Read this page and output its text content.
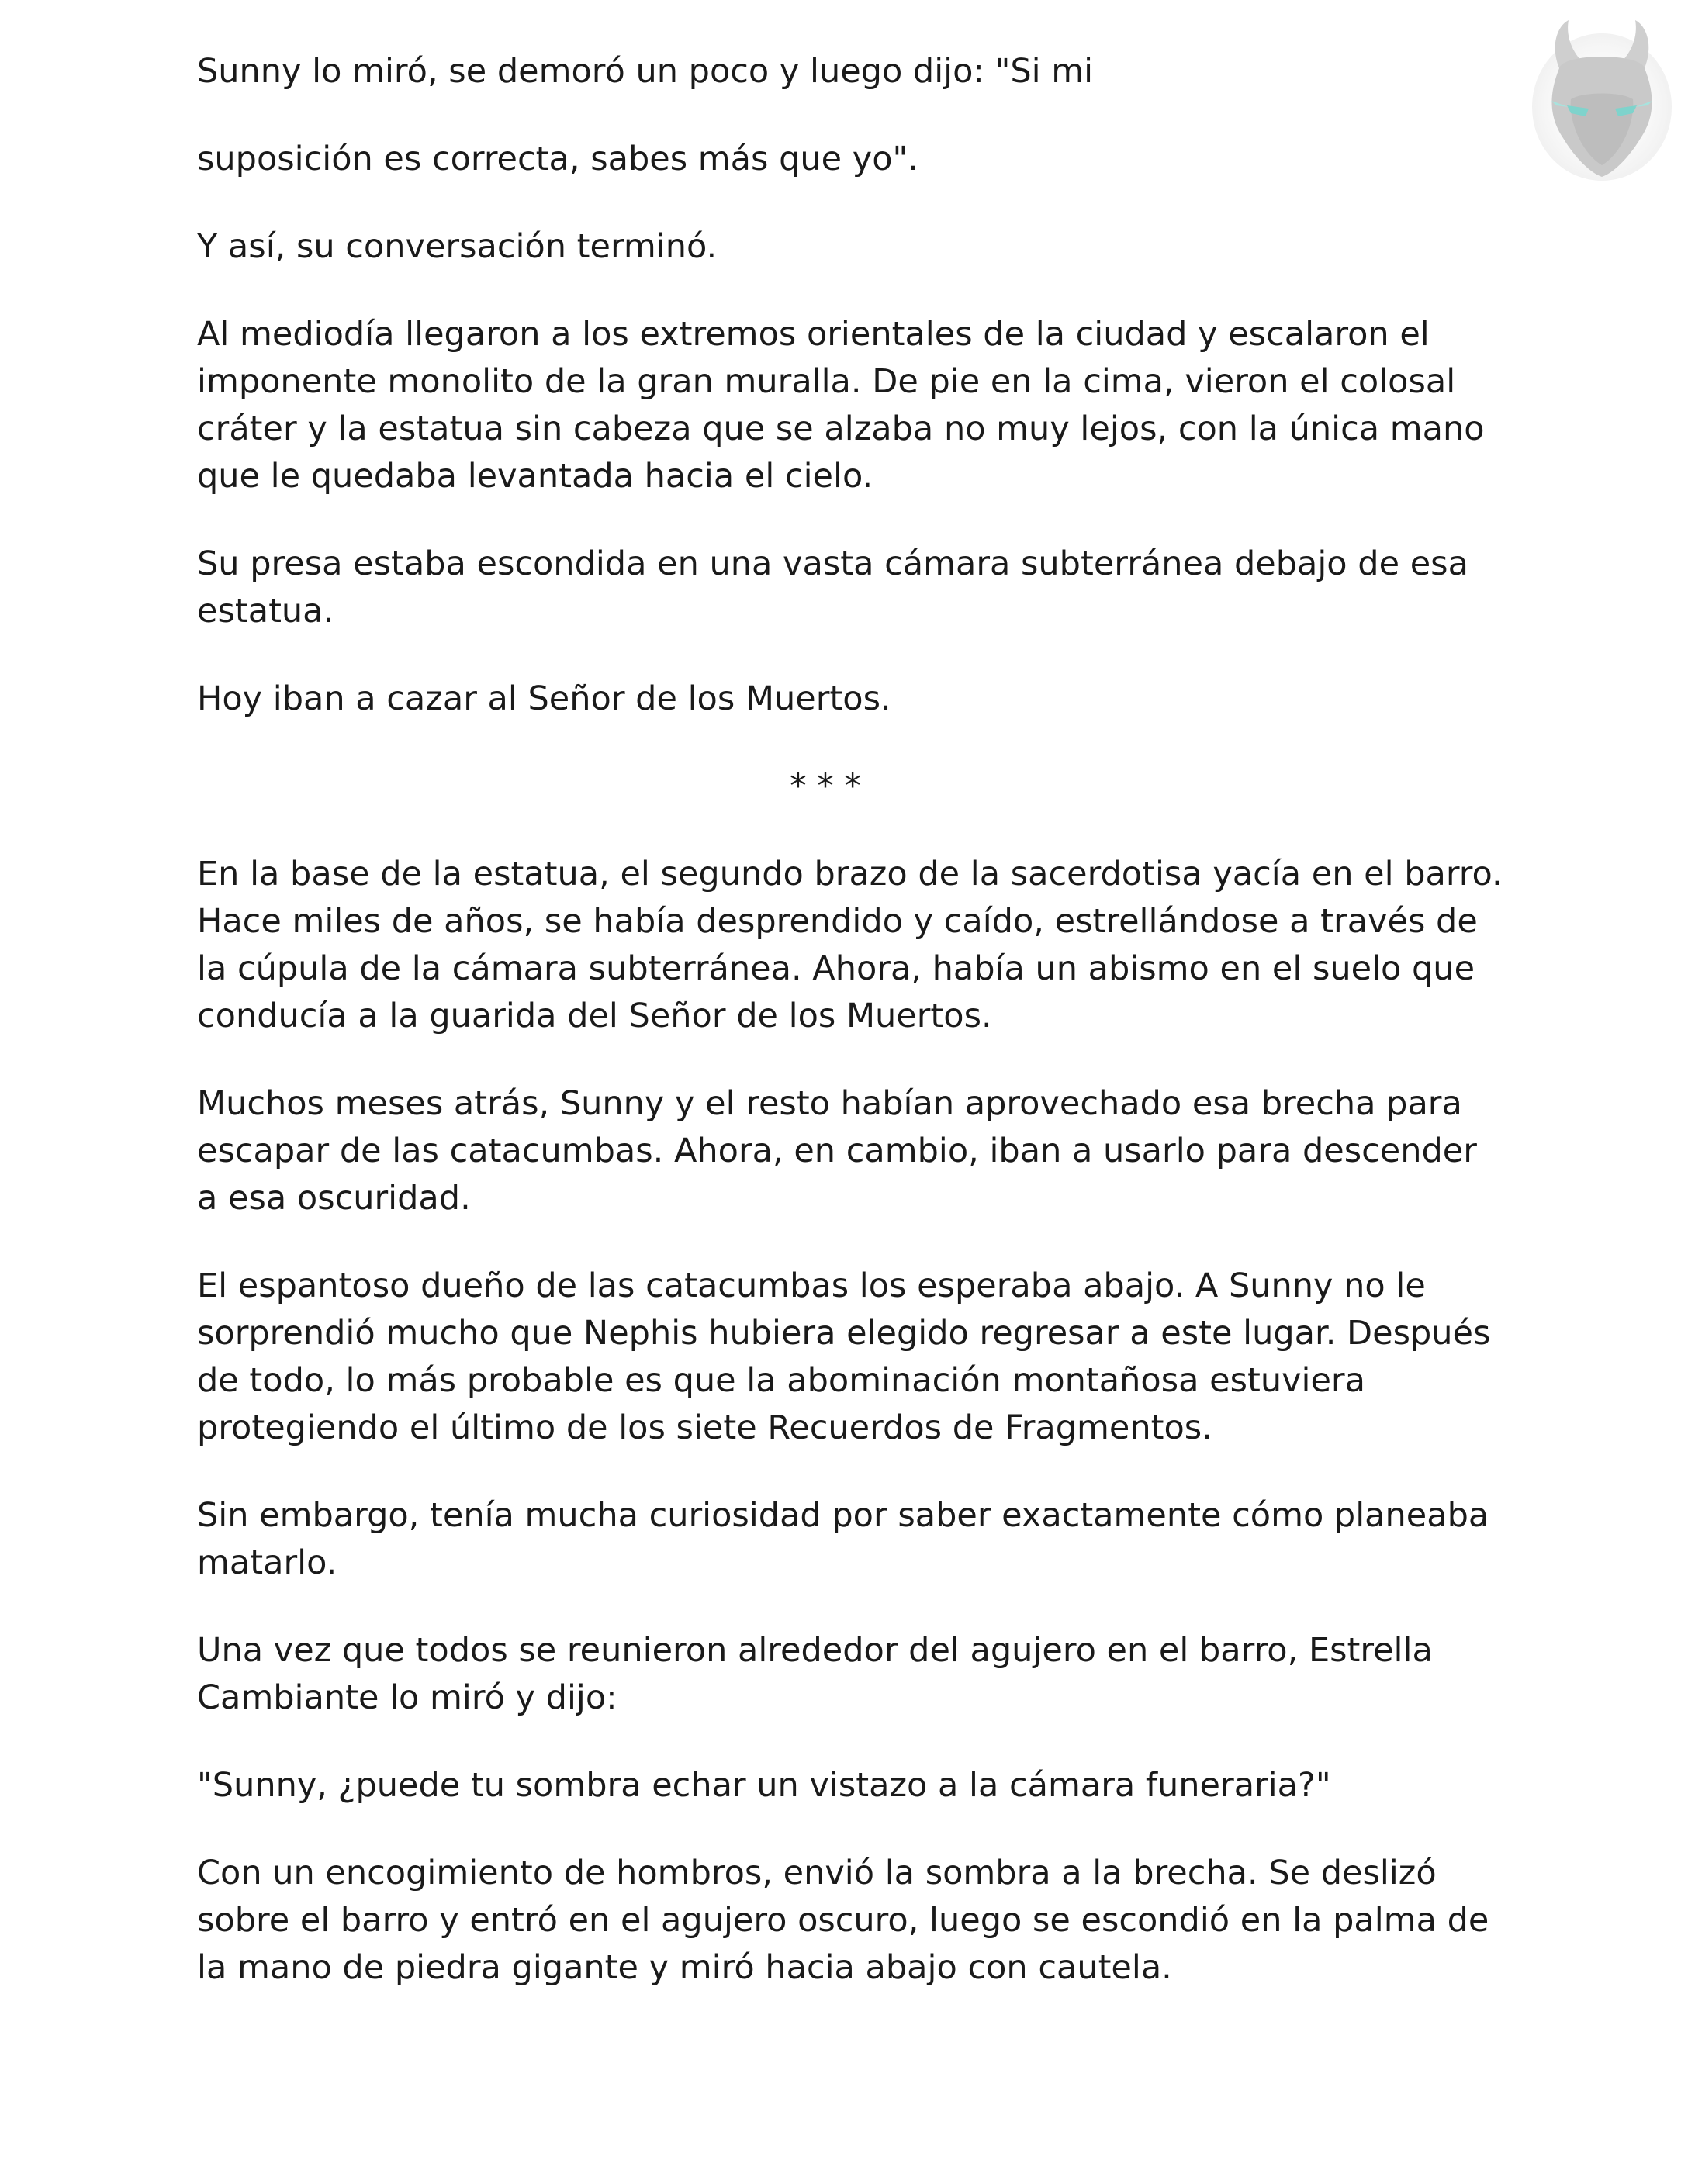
Sunny lo miró, se demoró un poco y luego dijo: "Si mi

suposición es correcta, sabes más que yo".

Y así, su conversación terminó.

Al mediodía llegaron a los extremos orientales de la ciudad y escalaron el

imponente monolito de la gran muralla. De pie en la cima, vieron el colosal

cráter y la estatua sin cabeza que se alzaba no muy lejos, con la única mano

que le quedaba levantada hacia el cielo.

Su presa estaba escondida en una vasta cámara subterránea debajo de esa

estatua.

Hoy iban a cazar al Señor de los Muertos.

* * *

En la base de la estatua, el segundo brazo de la sacerdotisa yacía en el barro.

Hace miles de años, se había desprendido y caído, estrellándose a través de

la cúpula de la cámara subterránea. Ahora, había un abismo en el suelo que

conducía a la guarida del Señor de los Muertos.

Muchos meses atrás, Sunny y el resto habían aprovechado esa brecha para

escapar de las catacumbas. Ahora, en cambio, iban a usarlo para descender

a esa oscuridad.

El espantoso dueño de las catacumbas los esperaba abajo. A Sunny no le

sorprendió mucho que Nephis hubiera elegido regresar a este lugar. Después

de todo, lo más probable es que la abominación montañosa estuviera

protegiendo el último de los siete Recuerdos de Fragmentos.

Sin embargo, tenía mucha curiosidad por saber exactamente cómo planeaba

matarlo.

Una vez que todos se reunieron alrededor del agujero en el barro, Estrella

Cambiante lo miró y dijo:

"Sunny, ¿puede tu sombra echar un vistazo a la cámara funeraria?"

Con un encogimiento de hombros, envió la sombra a la brecha. Se deslizó

sobre el barro y entró en el agujero oscuro, luego se escondió en la palma de

la mano de piedra gigante y miró hacia abajo con cautela.
